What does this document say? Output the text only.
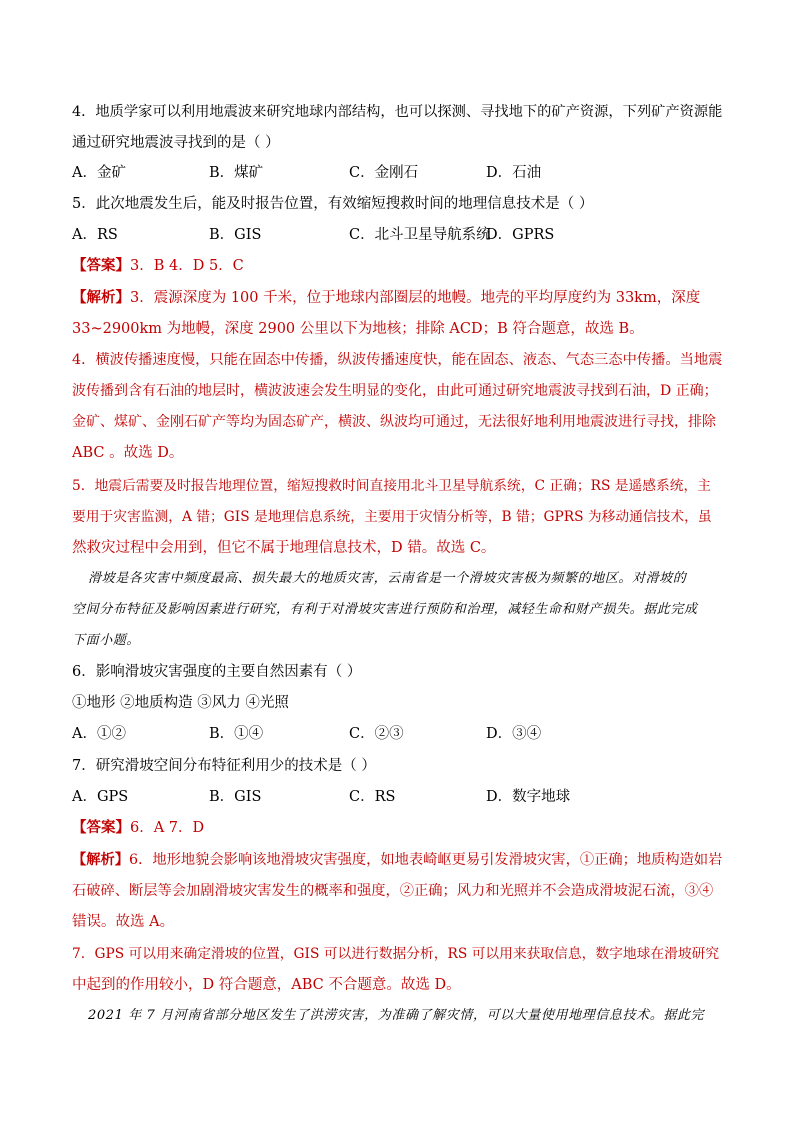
4．地质学家可以利用地震波来研究地球内部结构，也可以探测、寻找地下的矿产资源，下列矿产资源能
通过研究地震波寻找到的是（ ）
A．金矿	B．煤矿	C．金刚石	D．石油
5．此次地震发生后，能及时报告位置，有效缩短搜救时间的地理信息技术是（ ）
A．RS	B．GIS	C．北斗卫星导航系统
D．GPRS
【答案】3．B 4．D 5．C
【解析】3．震源深度为 100 千米，位于地球内部圈层的地幔。地壳的平均厚度约为 33km，深度
33~2900km 为地幔，深度 2900 公里以下为地核；排除 ACD；B 符合题意，故选 B。
4．横波传播速度慢，只能在固态中传播，纵波传播速度快，能在固态、液态、气态三态中传播。当地震
波传播到含有石油的地层时，横波波速会发生明显的变化，由此可通过研究地震波寻找到石油，D 正确；
金矿、煤矿、金刚石矿产等均为固态矿产，横波、纵波均可通过，无法很好地利用地震波进行寻找，排除
ABC 。故选 D。
5．地震后需要及时报告地理位置，缩短搜救时间直接用北斗卫星导航系统，C 正确；RS 是遥感系统，主
要用于灾害监测，A 错；GIS 是地理信息系统，主要用于灾情分析等，B 错；GPRS 为移动通信技术，虽
然救灾过程中会用到，但它不属于地理信息技术，D 错。故选 C。
滑坡是各灾害中频度最高、损失最大的地质灾害，云南省是一个滑坡灾害极为频繁的地区。对滑坡的
空间分布特征及影响因素进行研究，有利于对滑坡灾害进行预防和治理，减轻生命和财产损失。据此完成
下面小题。
6．影响滑坡灾害强度的主要自然因素有（ ）
①地形 ②地质构造 ③风力 ④光照
A．①②	B．①④	C．②③	D．③④
7．研究滑坡空间分布特征利用少的技术是（ ）
A．GPS	B．GIS	C．RS	D．数字地球
【答案】6．A 7．D
【解析】6．地形地貌会影响该地滑坡灾害强度，如地表崎岖更易引发滑坡灾害，①正确；地质构造如岩
石破碎、断层等会加剧滑坡灾害发生的概率和强度，②正确；风力和光照并不会造成滑坡泥石流，③④
错误。故选 A。
7．GPS 可以用来确定滑坡的位置，GIS 可以进行数据分析，RS 可以用来获取信息，数字地球在滑坡研究
中起到的作用较小，D 符合题意，ABC 不合题意。故选 D。
2021 年 7 月河南省部分地区发生了洪涝灾害，为准确了解灾情，可以大量使用地理信息技术。据此完
